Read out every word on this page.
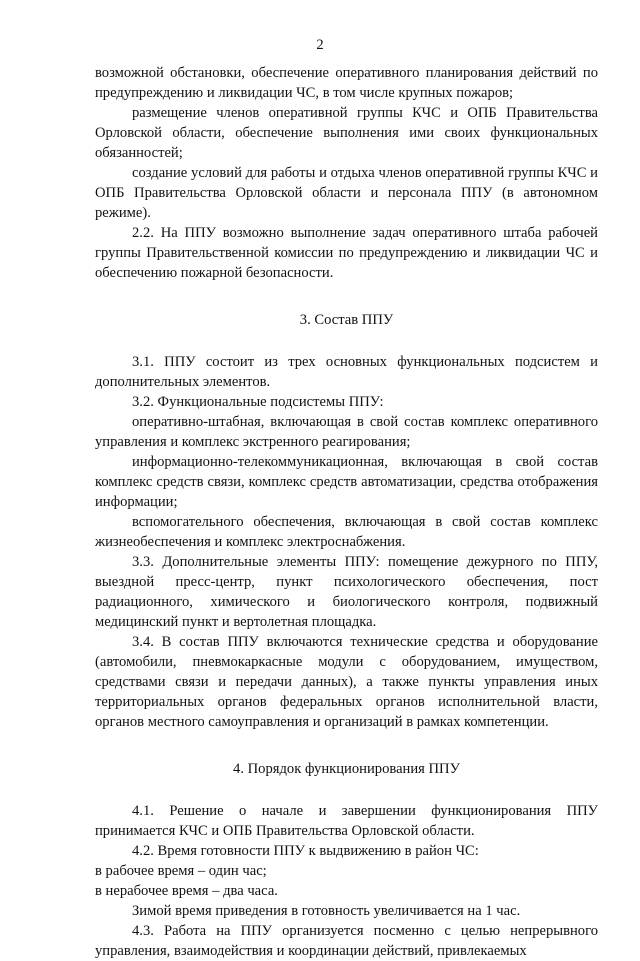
2

возможной обстановки, обеспечение оперативного планирования действий по предупреждению и ликвидации ЧС, в том числе крупных пожаров;

размещение членов оперативной группы КЧС и ОПБ Правительства Орловской области, обеспечение выполнения ими своих функциональных обязанностей;

создание условий для работы и отдыха членов оперативной группы КЧС и ОПБ Правительства Орловской области и персонала ППУ (в автономном режиме).

2.2. На ППУ возможно выполнение задач оперативного штаба рабочей группы Правительственной комиссии по предупреждению и ликвидации ЧС и обеспечению пожарной безопасности.

3. Состав ППУ

3.1. ППУ состоит из трех основных функциональных подсистем и дополнительных элементов.

3.2. Функциональные подсистемы ППУ:

оперативно-штабная, включающая в свой состав комплекс оперативного управления и комплекс экстренного реагирования;

информационно-телекоммуникационная, включающая в свой состав комплекс средств связи, комплекс средств автоматизации, средства отображения информации;

вспомогательного обеспечения, включающая в свой состав комплекс жизнеобеспечения и комплекс электроснабжения.

3.3. Дополнительные элементы ППУ: помещение дежурного по ППУ, выездной пресс-центр, пункт психологического обеспечения, пост радиационного, химического и биологического контроля, подвижный медицинский пункт и вертолетная площадка.

3.4. В состав ППУ включаются технические средства и оборудование (автомобили, пневмокаркасные модули с оборудованием, имуществом, средствами связи и передачи данных), а также пункты управления иных территориальных органов федеральных органов исполнительной власти, органов местного самоуправления и организаций в рамках компетенции.

4. Порядок функционирования ППУ

4.1. Решение о начале и завершении функционирования ППУ принимается КЧС и ОПБ Правительства Орловской области.

4.2. Время готовности ППУ к выдвижению в район ЧС:

в рабочее время – один час;

в нерабочее время – два часа.

Зимой время приведения в готовность увеличивается на 1 час.

4.3. Работа на ППУ организуется посменно с целью непрерывного управления, взаимодействия и координации действий, привлекаемых
